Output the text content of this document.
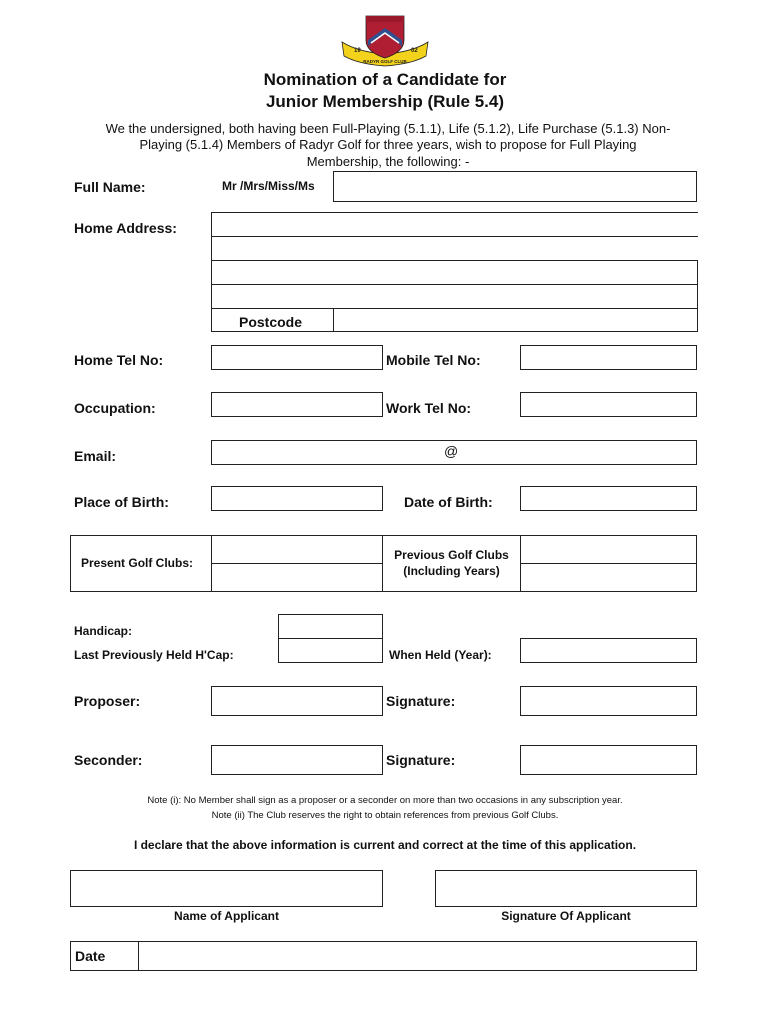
19	02
RADYR GOLF CLUB
Nomination of a Candidate for
Junior Membership (Rule 5.4)
We the undersigned, both having been Full-Playing (5.1.1), Life (5.1.2), Life Purchase (5.1.3) Non-
Playing (5.1.4) Members of Radyr Golf for three years, wish to propose for Full Playing
Membership, the following: -
Full Name:	Mr /Mrs/Miss/Ms
Home Address:
Postcode
Home Tel No:	Mobile Tel No:
Occupation:	Work Tel No:
Email:	@
Place of Birth:	Date of Birth:
Present Golf Clubs:
Previous Golf Clubs
(Including Years)
Handicap:
Last Previously Held H'Cap:	When Held (Year):
Proposer:	Signature:
Seconder:	Signature:
Note (i): No Member shall sign as a proposer or a seconder on more than two occasions in any subscription year.
Note (ii) The Club reserves the right to obtain references from previous Golf Clubs.
I declare that the above information is current and correct at the time of this application.
Name of Applicant	Signature Of Applicant
Date
